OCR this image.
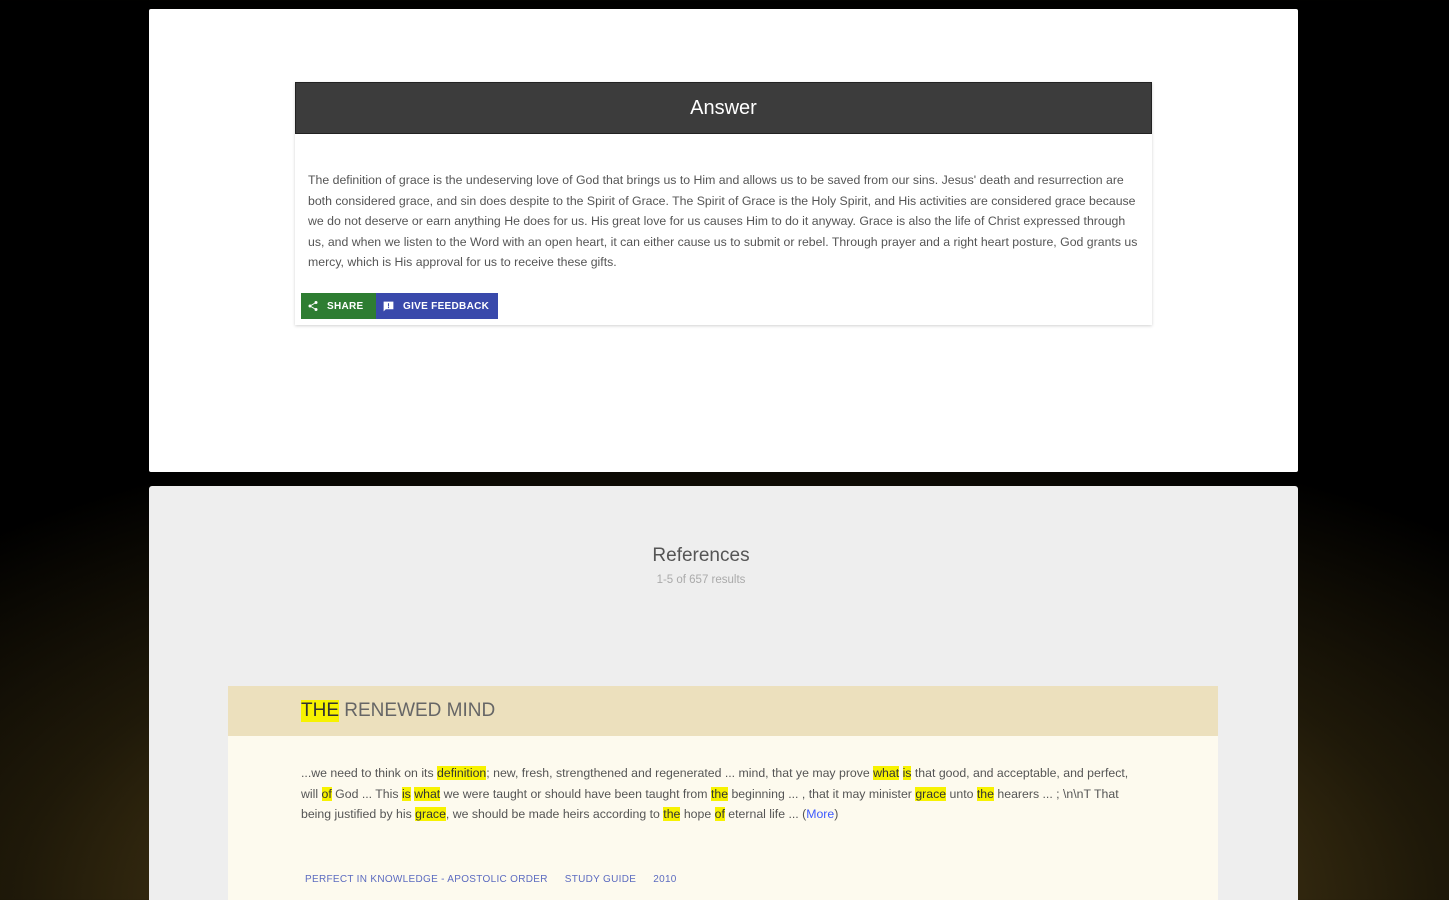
Answer
The definition of grace is the undeserving love of God that brings us to Him and allows us to be saved from our sins. Jesus' death and resurrection are both considered grace, and sin does despite to the Spirit of Grace. The Spirit of Grace is the Holy Spirit, and His activities are considered grace because we do not deserve or earn anything He does for us. His great love for us causes Him to do it anyway. Grace is also the life of Christ expressed through us, and when we listen to the Word with an open heart, it can either cause us to submit or rebel. Through prayer and a right heart posture, God grants us mercy, which is His approval for us to receive these gifts.
SHARE	GIVE FEEDBACK
References
1-5 of 657 results
THE RENEWED MIND
...we need to think on its definition; new, fresh, strengthened and regenerated ... mind, that ye may prove what is that good, and acceptable, and perfect, will of God ... This is what we were taught or should have been taught from the beginning ... , that it may minister grace unto the hearers ... ; \n\nT That being justified by his grace, we should be made heirs according to the hope of eternal life ... (More)
PERFECT IN KNOWLEDGE - APOSTOLIC ORDER STUDY GUIDE 2010
